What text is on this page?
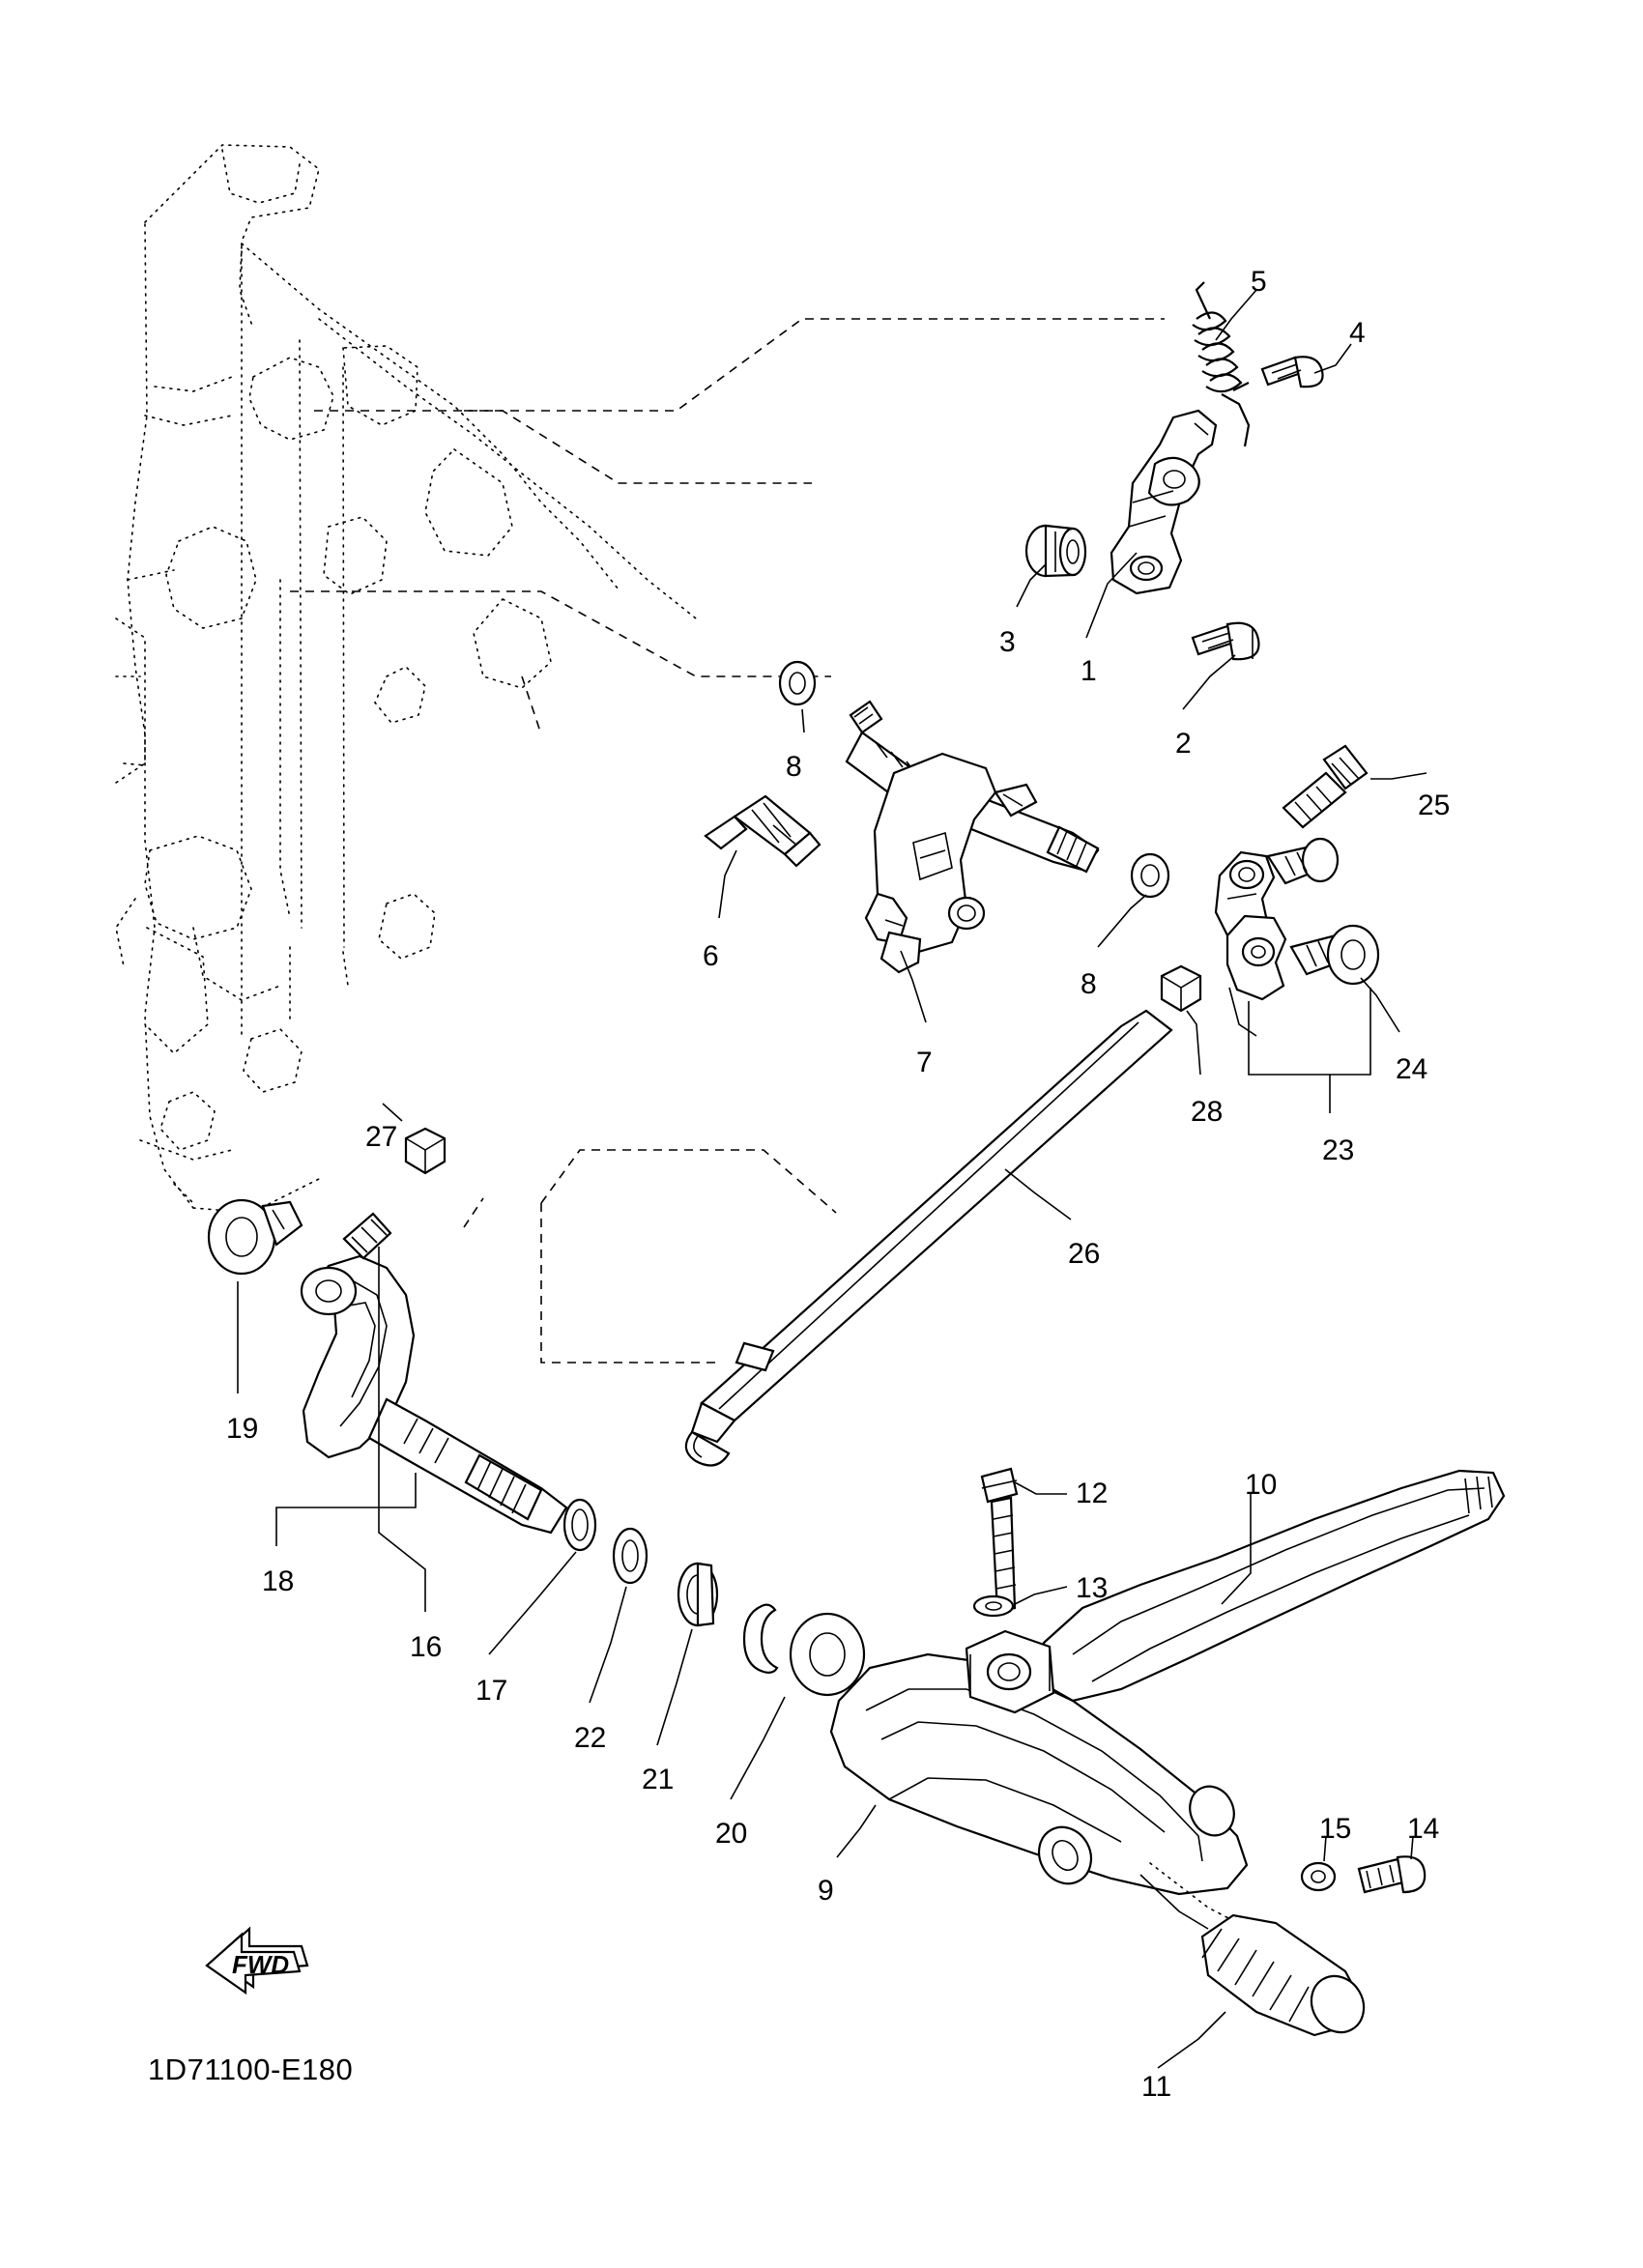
1
2
3
4
5
6
7
8
8
9
10
11
12
13
14
15
16
17
18
19
20
21
22
23
24
25
26
27
28
FWD
1D71100-E180
